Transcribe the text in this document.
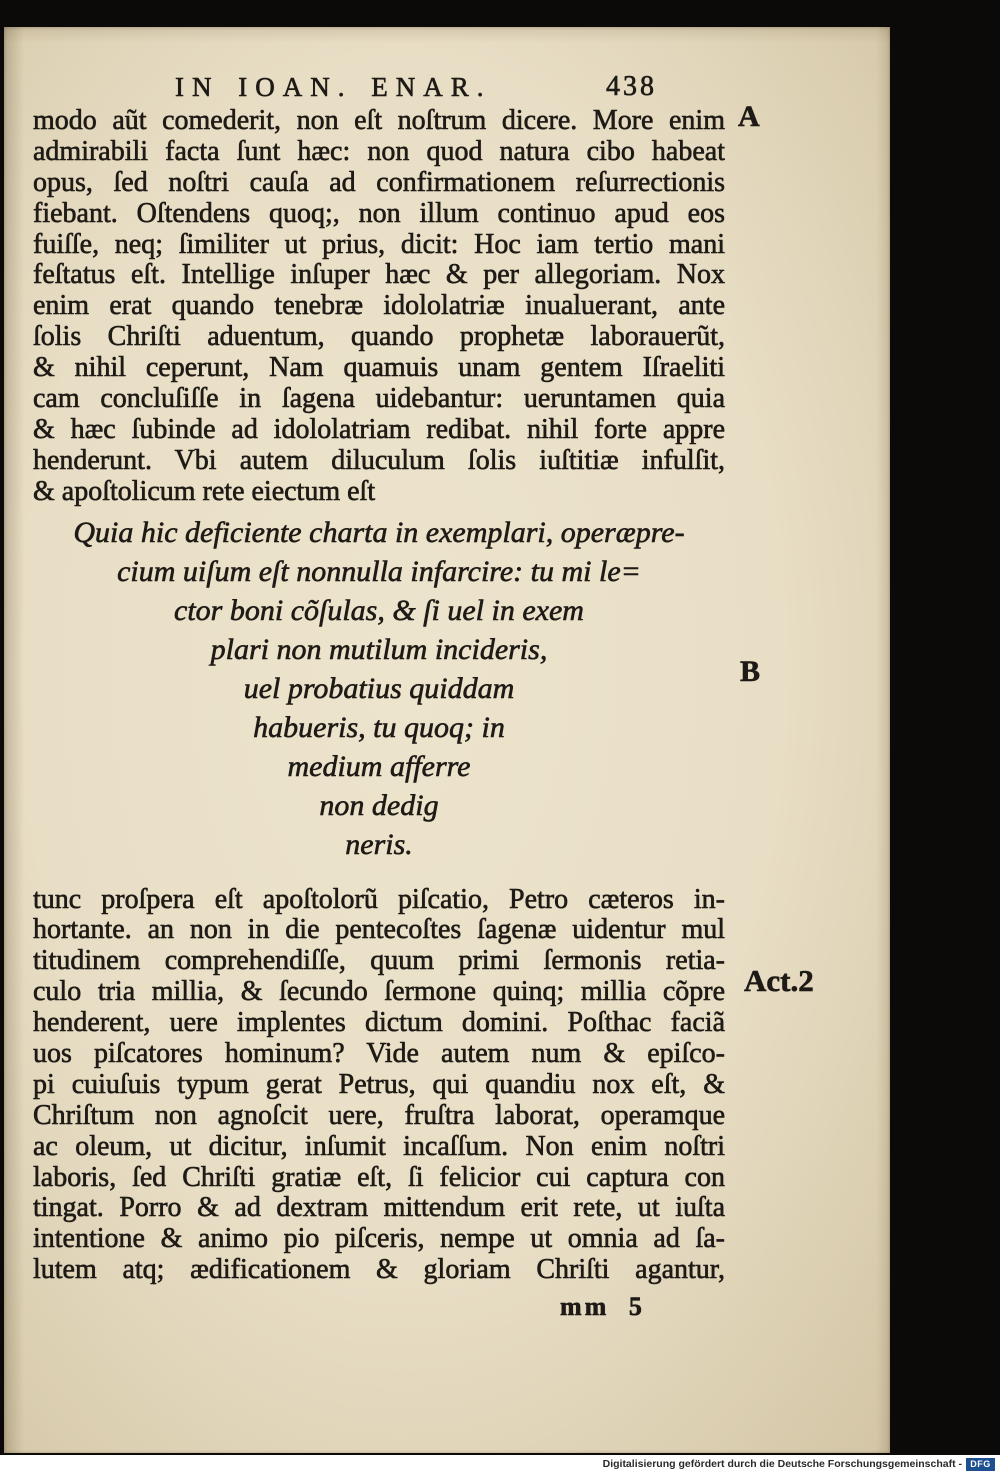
IN IOAN. ENAR.	438
modo aũt comederit, non eſt noſtrum dicere. More enim
admirabili facta ſunt hæc: non quod natura cibo habeat
opus, ſed noſtri cauſa ad confirmationem reſurrectionis
fiebant. Oſtendens quoq;, non illum continuo apud eos
fuiſſe, neq; ſimiliter ut prius, dicit: Hoc iam tertio mani
feſtatus eſt. Intellige inſuper hæc & per allegoriam. Nox
enim erat quando tenebræ idololatriæ inualuerant, ante
ſolis Chriſti aduentum, quando prophetæ laborauerũt,
& nihil ceperunt, Nam quamuis unam gentem Iſraeliti
cam concluſiſſe in ſagena uidebantur: ueruntamen quia
& hæc ſubinde ad idololatriam redibat. nihil forte appre
henderunt. Vbi autem diluculum ſolis iuſtitiæ infulſit,
& apoſtolicum rete eiectum eſt
Quia hic deficiente charta in exemplari, operæpre-
cium uiſum eſt nonnulla infarcire: tu mi le=
ctor boni cõſulas, & ſi uel in exem
plari non mutilum incideris,
uel probatius quiddam
habueris, tu quoq; in
medium afferre
non dedig
neris.
tunc proſpera eſt apoſtolorũ piſcatio, Petro cæteros in-
hortante. an non in die pentecoſtes ſagenæ uidentur mul
titudinem comprehendiſſe, quum primi ſermonis retia-
culo tria millia, & ſecundo ſermone quinq; millia cõpre
henderent, uere implentes dictum domini. Poſthac faciã
uos piſcatores hominum? Vide autem num & epiſco-
pi cuiuſuis typum gerat Petrus, qui quandiu nox eſt, &
Chriſtum non agnoſcit uere, fruſtra laborat, operamque
ac oleum, ut dicitur, inſumit incaſſum. Non enim noſtri
laboris, ſed Chriſti gratiæ eſt, ſi felicior cui captura con
tingat. Porro & ad dextram mittendum erit rete, ut iuſta
intentione & animo pio piſceris, nempe ut omnia ad ſa-
lutem atq; ædificationem & gloriam Chriſti agantur,
A
B
Act.2
mm 5
Digitalisierung gefördert durch die Deutsche Forschungsgemeinschaft - DFG
